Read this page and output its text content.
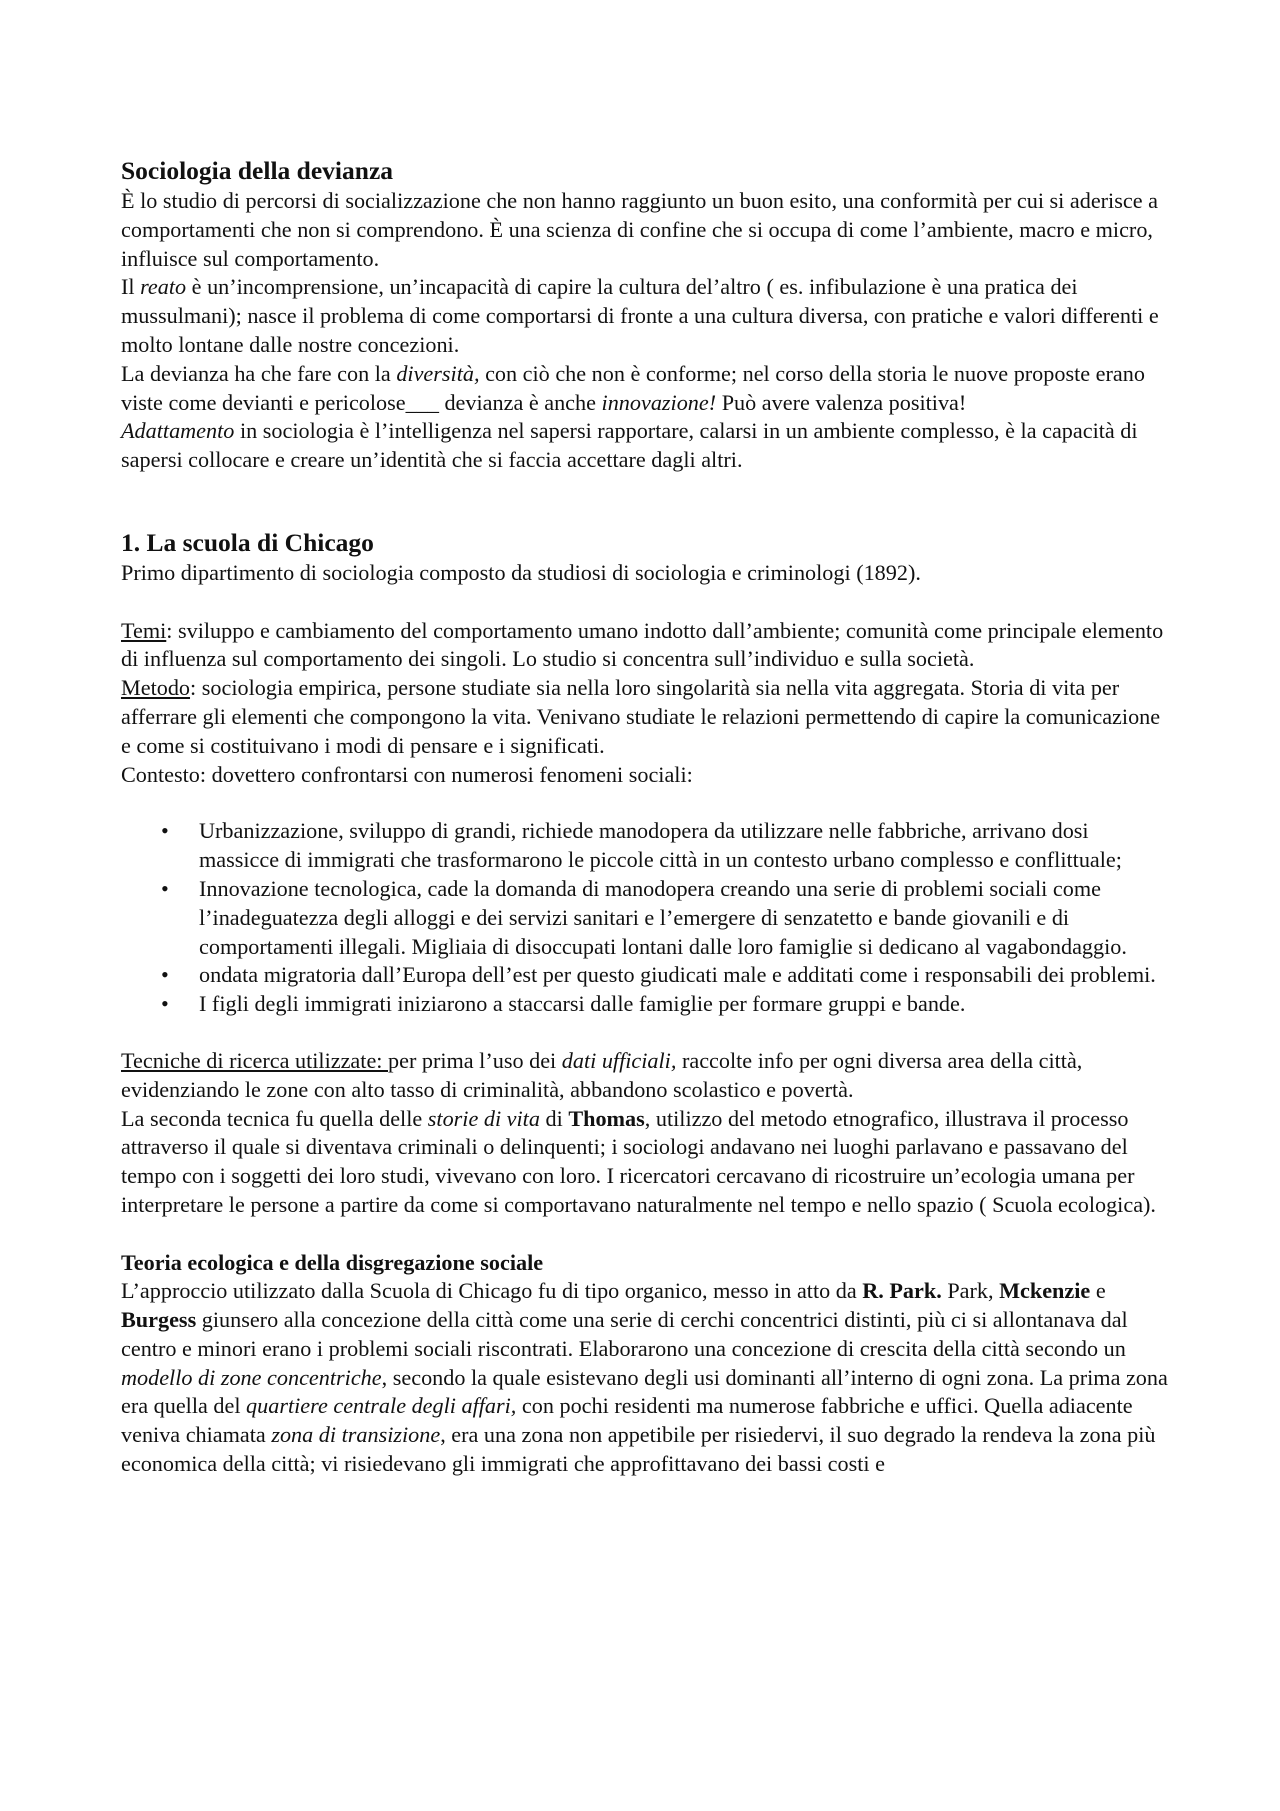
Sociologia della devianza

È lo studio di percorsi di socializzazione che non hanno raggiunto un buon esito, una conformità per cui si aderisce a comportamenti che non si comprendono. È una scienza di confine che si occupa di come l’ambiente, macro e micro, influisce sul comportamento.

Il reato è un’incomprensione, un’incapacità di capire la cultura del’altro ( es. infibulazione è una pratica dei mussulmani); nasce il problema di come comportarsi di fronte a una cultura diversa, con pratiche e valori differenti e molto lontane dalle nostre concezioni.

La devianza ha che fare con la diversità, con ciò che non è conforme; nel corso della storia le nuove proposte erano viste come devianti e pericolose___ devianza è anche innovazione! Può avere valenza positiva!

Adattamento in sociologia è l’intelligenza nel sapersi rapportare, calarsi in un ambiente complesso, è la capacità di sapersi collocare e creare un’identità che si faccia accettare dagli altri.

1. La scuola di Chicago

Primo dipartimento di sociologia composto da studiosi di sociologia e criminologi (1892).

Temi: sviluppo e cambiamento del comportamento umano indotto dall’ambiente; comunità come principale elemento di influenza sul comportamento dei singoli. Lo studio si concentra sull’individuo e sulla società.

Metodo: sociologia empirica, persone studiate sia nella loro singolarità sia nella vita aggregata. Storia di vita per afferrare gli elementi che compongono la vita. Venivano studiate le relazioni permettendo di capire la comunicazione e come si costituivano i modi di pensare e i significati.

Contesto: dovettero confrontarsi con numerosi fenomeni sociali:

• Urbanizzazione, sviluppo di grandi, richiede manodopera da utilizzare nelle fabbriche, arrivano dosi massicce di immigrati che trasformarono le piccole città in un contesto urbano complesso e conflittuale;
• Innovazione tecnologica, cade la domanda di manodopera creando una serie di problemi sociali come l’inadeguatezza degli alloggi e dei servizi sanitari e l’emergere di senzatetto e bande giovanili e di comportamenti illegali. Migliaia di disoccupati lontani dalle loro famiglie si dedicano al vagabondaggio.
• ondata migratoria dall’Europa dell’est per questo giudicati male e additati come i responsabili dei problemi.
• I figli degli immigrati iniziarono a staccarsi dalle famiglie per formare gruppi e bande.

Tecniche di ricerca utilizzate: per prima l’uso dei dati ufficiali, raccolte info per ogni diversa area della città, evidenziando le zone con alto tasso di criminalità, abbandono scolastico e povertà.

La seconda tecnica fu quella delle storie di vita di Thomas, utilizzo del metodo etnografico, illustrava il processo attraverso il quale si diventava criminali o delinquenti; i sociologi andavano nei luoghi parlavano e passavano del tempo con i soggetti dei loro studi, vivevano con loro. I ricercatori cercavano di ricostruire un’ecologia umana per interpretare le persone a partire da come si comportavano naturalmente nel tempo e nello spazio ( Scuola ecologica).

Teoria ecologica e della disgregazione sociale

L’approccio utilizzato dalla Scuola di Chicago fu di tipo organico, messo in atto da R. Park. Park, Mckenzie e Burgess giunsero alla concezione della città come una serie di cerchi concentrici distinti, più ci si allontanava dal centro e minori erano i problemi sociali riscontrati. Elaborarono una concezione di crescita della città secondo un modello di zone concentriche, secondo la quale esistevano degli usi dominanti all’interno di ogni zona. La prima zona era quella del quartiere centrale degli affari, con pochi residenti ma numerose fabbriche e uffici. Quella adiacente veniva chiamata zona di transizione, era una zona non appetibile per risiedervi, il suo degrado la rendeva la zona più economica della città; vi risiedevano gli immigrati che approfittavano dei bassi costi e
